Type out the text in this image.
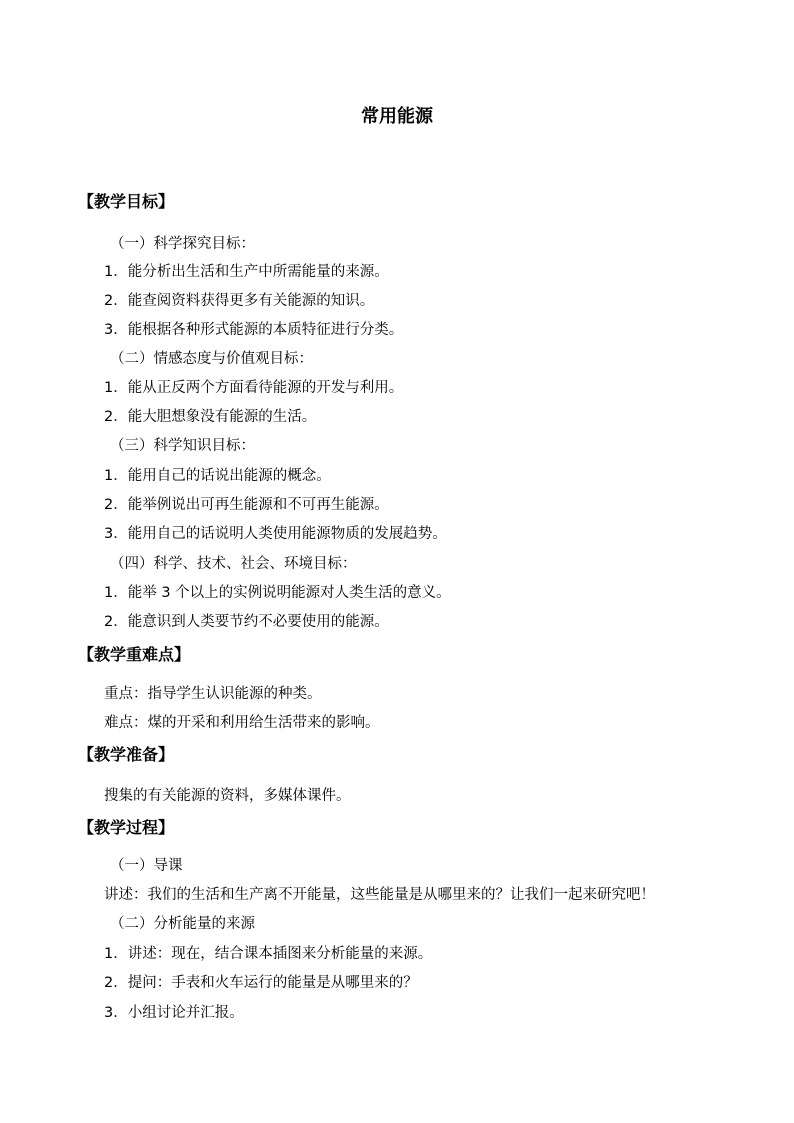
常用能源
【教学目标】
（一）科学探究目标：
1．能分析出生活和生产中所需能量的来源。
2．能查阅资料获得更多有关能源的知识。
3．能根据各种形式能源的本质特征进行分类。
（二）情感态度与价值观目标：
1．能从正反两个方面看待能源的开发与利用。
2．能大胆想象没有能源的生活。
（三）科学知识目标：
1．能用自己的话说出能源的概念。
2．能举例说出可再生能源和不可再生能源。
3．能用自己的话说明人类使用能源物质的发展趋势。
（四）科学、技术、社会、环境目标：
1．能举 3 个以上的实例说明能源对人类生活的意义。
2．能意识到人类要节约不必要使用的能源。
【教学重难点】
重点：指导学生认识能源的种类。
难点：煤的开采和利用给生活带来的影响。
【教学准备】
搜集的有关能源的资料，多媒体课件。
【教学过程】
（一）导课
讲述：我们的生活和生产离不开能量，这些能量是从哪里来的？让我们一起来研究吧！
（二）分析能量的来源
1．讲述：现在，结合课本插图来分析能量的来源。
2．提问：手表和火车运行的能量是从哪里来的？
3．小组讨论并汇报。
